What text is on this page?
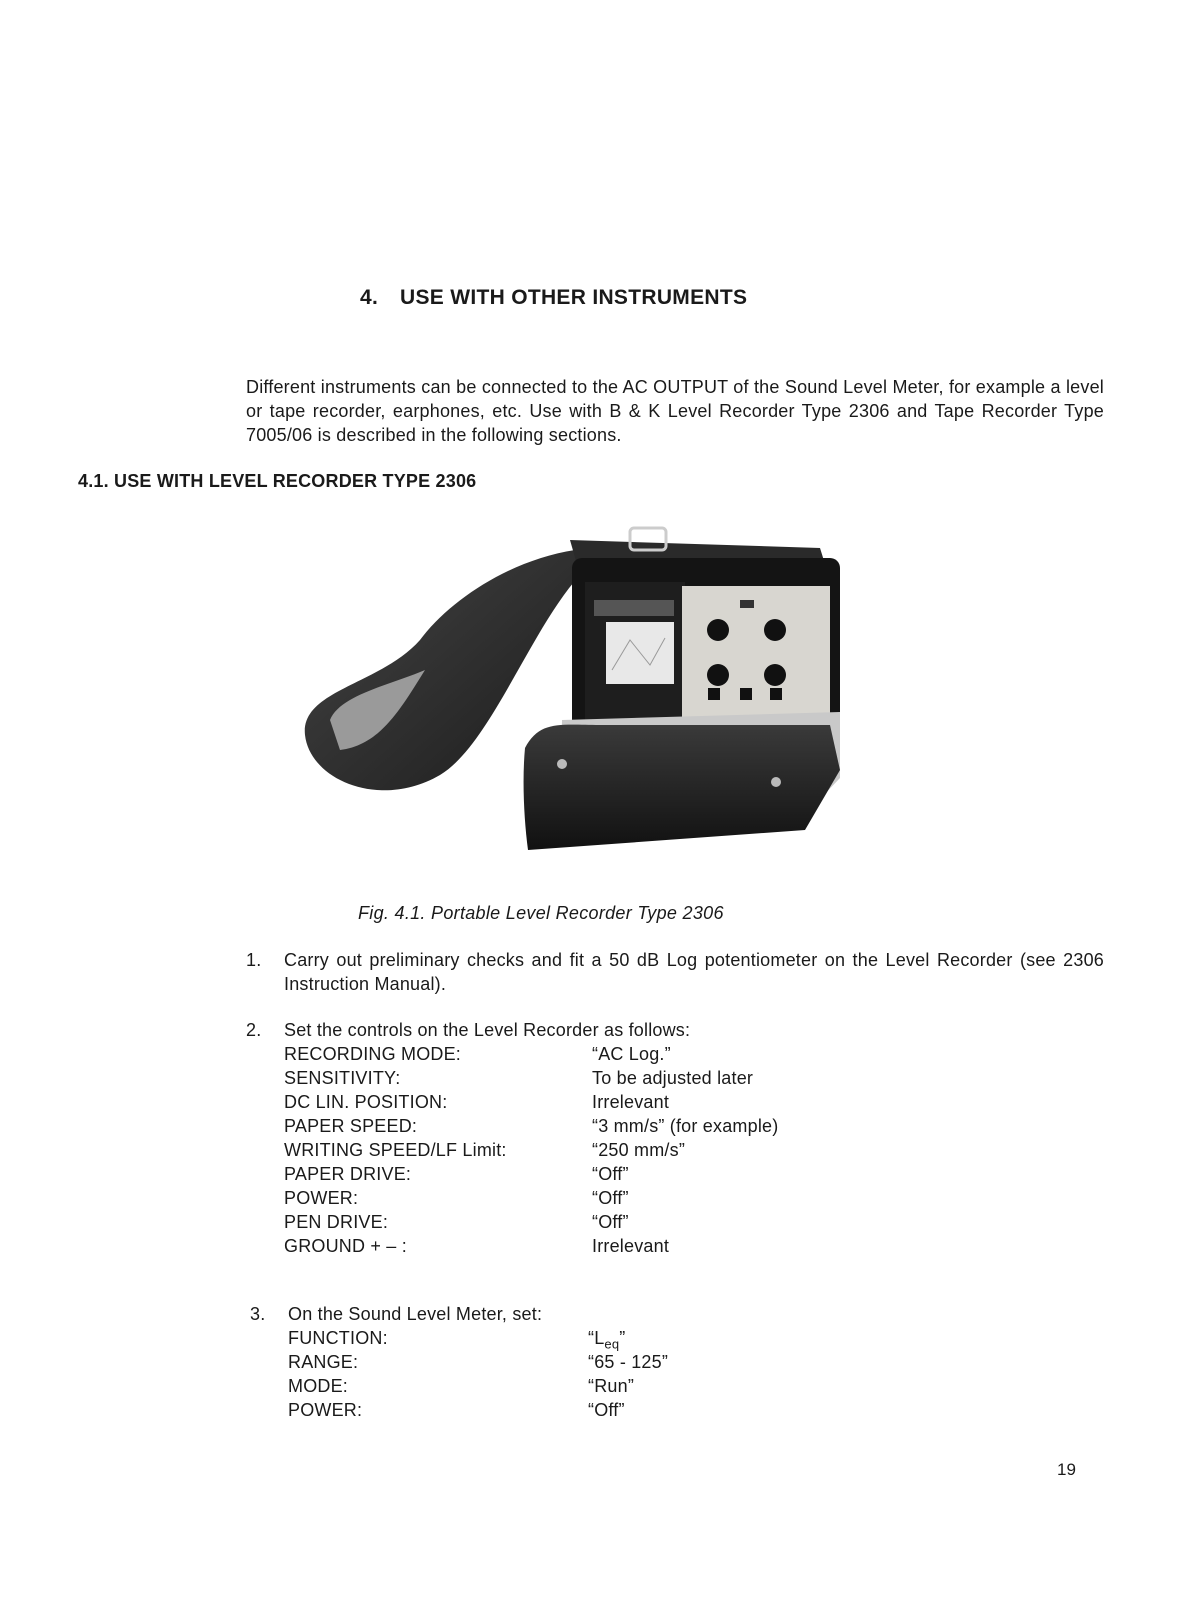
4. USE WITH OTHER INSTRUMENTS
Different instruments can be connected to the AC OUTPUT of the Sound Level Meter, for example a level or tape recorder, earphones, etc. Use with B & K Level Recorder Type 2306 and Tape Recorder Type 7005/06 is described in the following sections.
4.1. USE WITH LEVEL RECORDER TYPE 2306
Fig. 4.1. Portable Level Recorder Type 2306
1. Carry out preliminary checks and fit a 50 dB Log potentiometer on the Level Recorder (see 2306 Instruction Manual).
2. Set the controls on the Level Recorder as follows:
RECORDING MODE:	“AC Log.”
SENSITIVITY:	To be adjusted later
DC LIN. POSITION:	Irrelevant
PAPER SPEED:	“3 mm/s” (for example)
WRITING SPEED/LF Limit:	“250 mm/s”
PAPER DRIVE:	“Off”
POWER:	“Off”
PEN DRIVE:	“Off”
GROUND + – :	Irrelevant
3. On the Sound Level Meter, set:
FUNCTION:	“$L_{eq}$”
RANGE:	“65 - 125”
MODE:	“Run”
POWER:	“Off”
19
